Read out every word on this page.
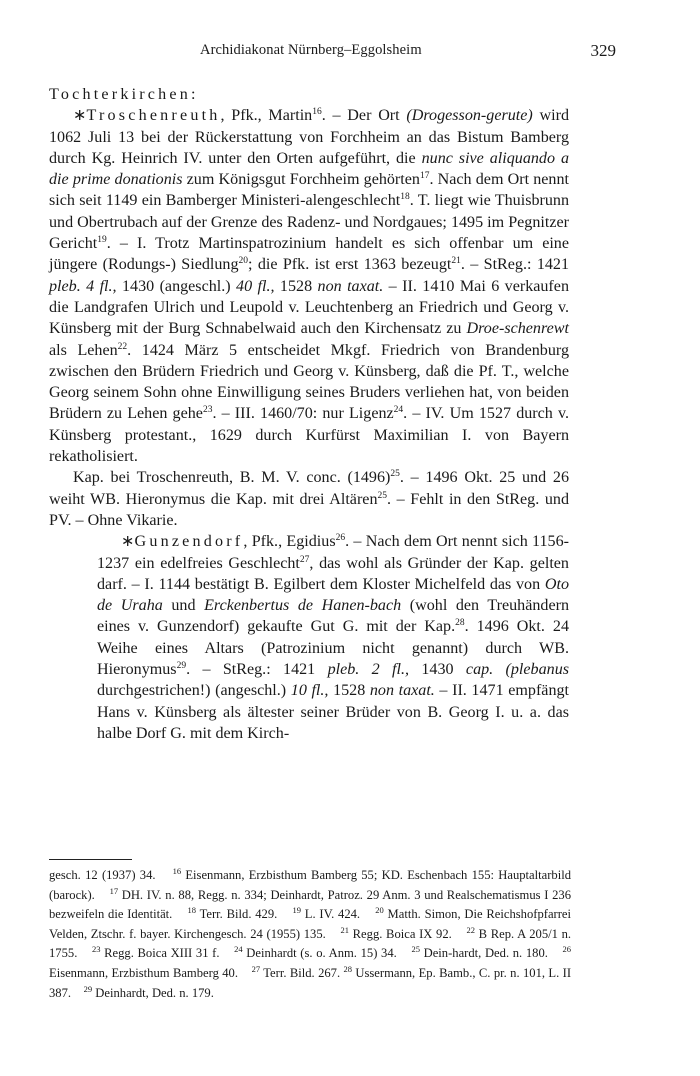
Archidiakonat Nürnberg–Eggolsheim	329

Tochterkirchen:

∗Troschenreuth, Pfk., Martin$^{16}$. – Der Ort (Drogesson-gerute) wird 1062 Juli 13 bei der Rückerstattung von Forchheim an das Bistum Bamberg durch Kg. Heinrich IV. unter den Orten aufgeführt, die nunc sive aliquando a die prime donationis zum Königsgut Forchheim gehörten$^{17}$. Nach dem Ort nennt sich seit 1149 ein Bamberger Ministeri-alengeschlecht$^{18}$. T. liegt wie Thuisbrunn und Obertrubach auf der Grenze des Radenz- und Nordgaues; 1495 im Pegnitzer Gericht$^{19}$. – I. Trotz Martinspatrozinium handelt es sich offenbar um eine jüngere (Rodungs-) Siedlung$^{20}$; die Pfk. ist erst 1363 bezeugt$^{21}$. – StReg.: 1421 pleb. 4 fl., 1430 (angeschl.) 40 fl., 1528 non taxat. – II. 1410 Mai 6 verkaufen die Landgrafen Ulrich und Leupold v. Leuchtenberg an Friedrich und Georg v. Künsberg mit der Burg Schnabelwaid auch den Kirchensatz zu Droe-schenrewt als Lehen$^{22}$. 1424 März 5 entscheidet Mkgf. Friedrich von Brandenburg zwischen den Brüdern Friedrich und Georg v. Künsberg, daß die Pf. T., welche Georg seinem Sohn ohne Einwilligung seines Bruders verliehen hat, von beiden Brüdern zu Lehen gehe$^{23}$. – III. 1460/70: nur Ligenz$^{24}$. – IV. Um 1527 durch v. Künsberg protestant., 1629 durch Kurfürst Maximilian I. von Bayern rekatholisiert.

Kap. bei Troschenreuth, B. M. V. conc. $(1496)^{25}$. – 1496 Okt. 25 und 26 weiht WB. Hieronymus die Kap. mit drei Altären$^{25}$. – Fehlt in den StReg. und PV. – Ohne Vikarie.

∗Gunzendorf, Pfk., Egidius$^{26}$. – Nach dem Ort nennt sich 1156-1237 ein edelfreies Geschlecht$^{27}$, das wohl als Gründer der Kap. gelten darf. – I. 1144 bestätigt B. Egilbert dem Kloster Michelfeld das von Oto de Uraha und Erckenbertus de Hanen-bach (wohl den Treuhändern eines v. Gunzendorf) gekaufte Gut G. mit der Kap.$^{28}$. 1496 Okt. 24 Weihe eines Altars (Patrozinium nicht genannt) durch WB. Hieronymus$^{29}$. – StReg.: 1421 pleb. 2 fl., 1430 cap. (plebanus durchgestrichen!) (angeschl.) 10 fl., 1528 non taxat. – II. 1471 empfängt Hans v. Künsberg als ältester seiner Brüder von B. Georg I. u. a. das halbe Dorf G. mit dem Kirch-

gesch. 12 (1937) 34. $^{16}$ Eisenmann, Erzbisthum Bamberg 55; KD. Eschenbach 155: Hauptaltarbild (barock). $^{17}$ DH. IV. n. 88, Regg. n. 334; Deinhardt, Patroz. 29 Anm. 3 und Realschematismus I 236 bezweifeln die Identität. $^{18}$ Terr. Bild. 429. $^{19}$ L. IV. 424. $^{20}$ Matth. Simon, Die Reichshofpfarrei Velden, Ztschr. f. bayer. Kirchengesch. 24 (1955) 135. $^{21}$ Regg. Boica IX 92. $^{22}$ B Rep. A 205/1 n. 1755. $^{23}$ Regg. Boica XIII 31 f. $^{24}$ Deinhardt (s. o. Anm. 15) 34. $^{25}$ Dein-hardt, Ded. n. 180. $^{26}$ Eisenmann, Erzbisthum Bamberg 40. $^{27}$ Terr. Bild. 267. $^{28}$ Ussermann, Ep. Bamb., C. pr. n. 101, L. II 387. $^{29}$ Deinhardt, Ded. n. 179.
